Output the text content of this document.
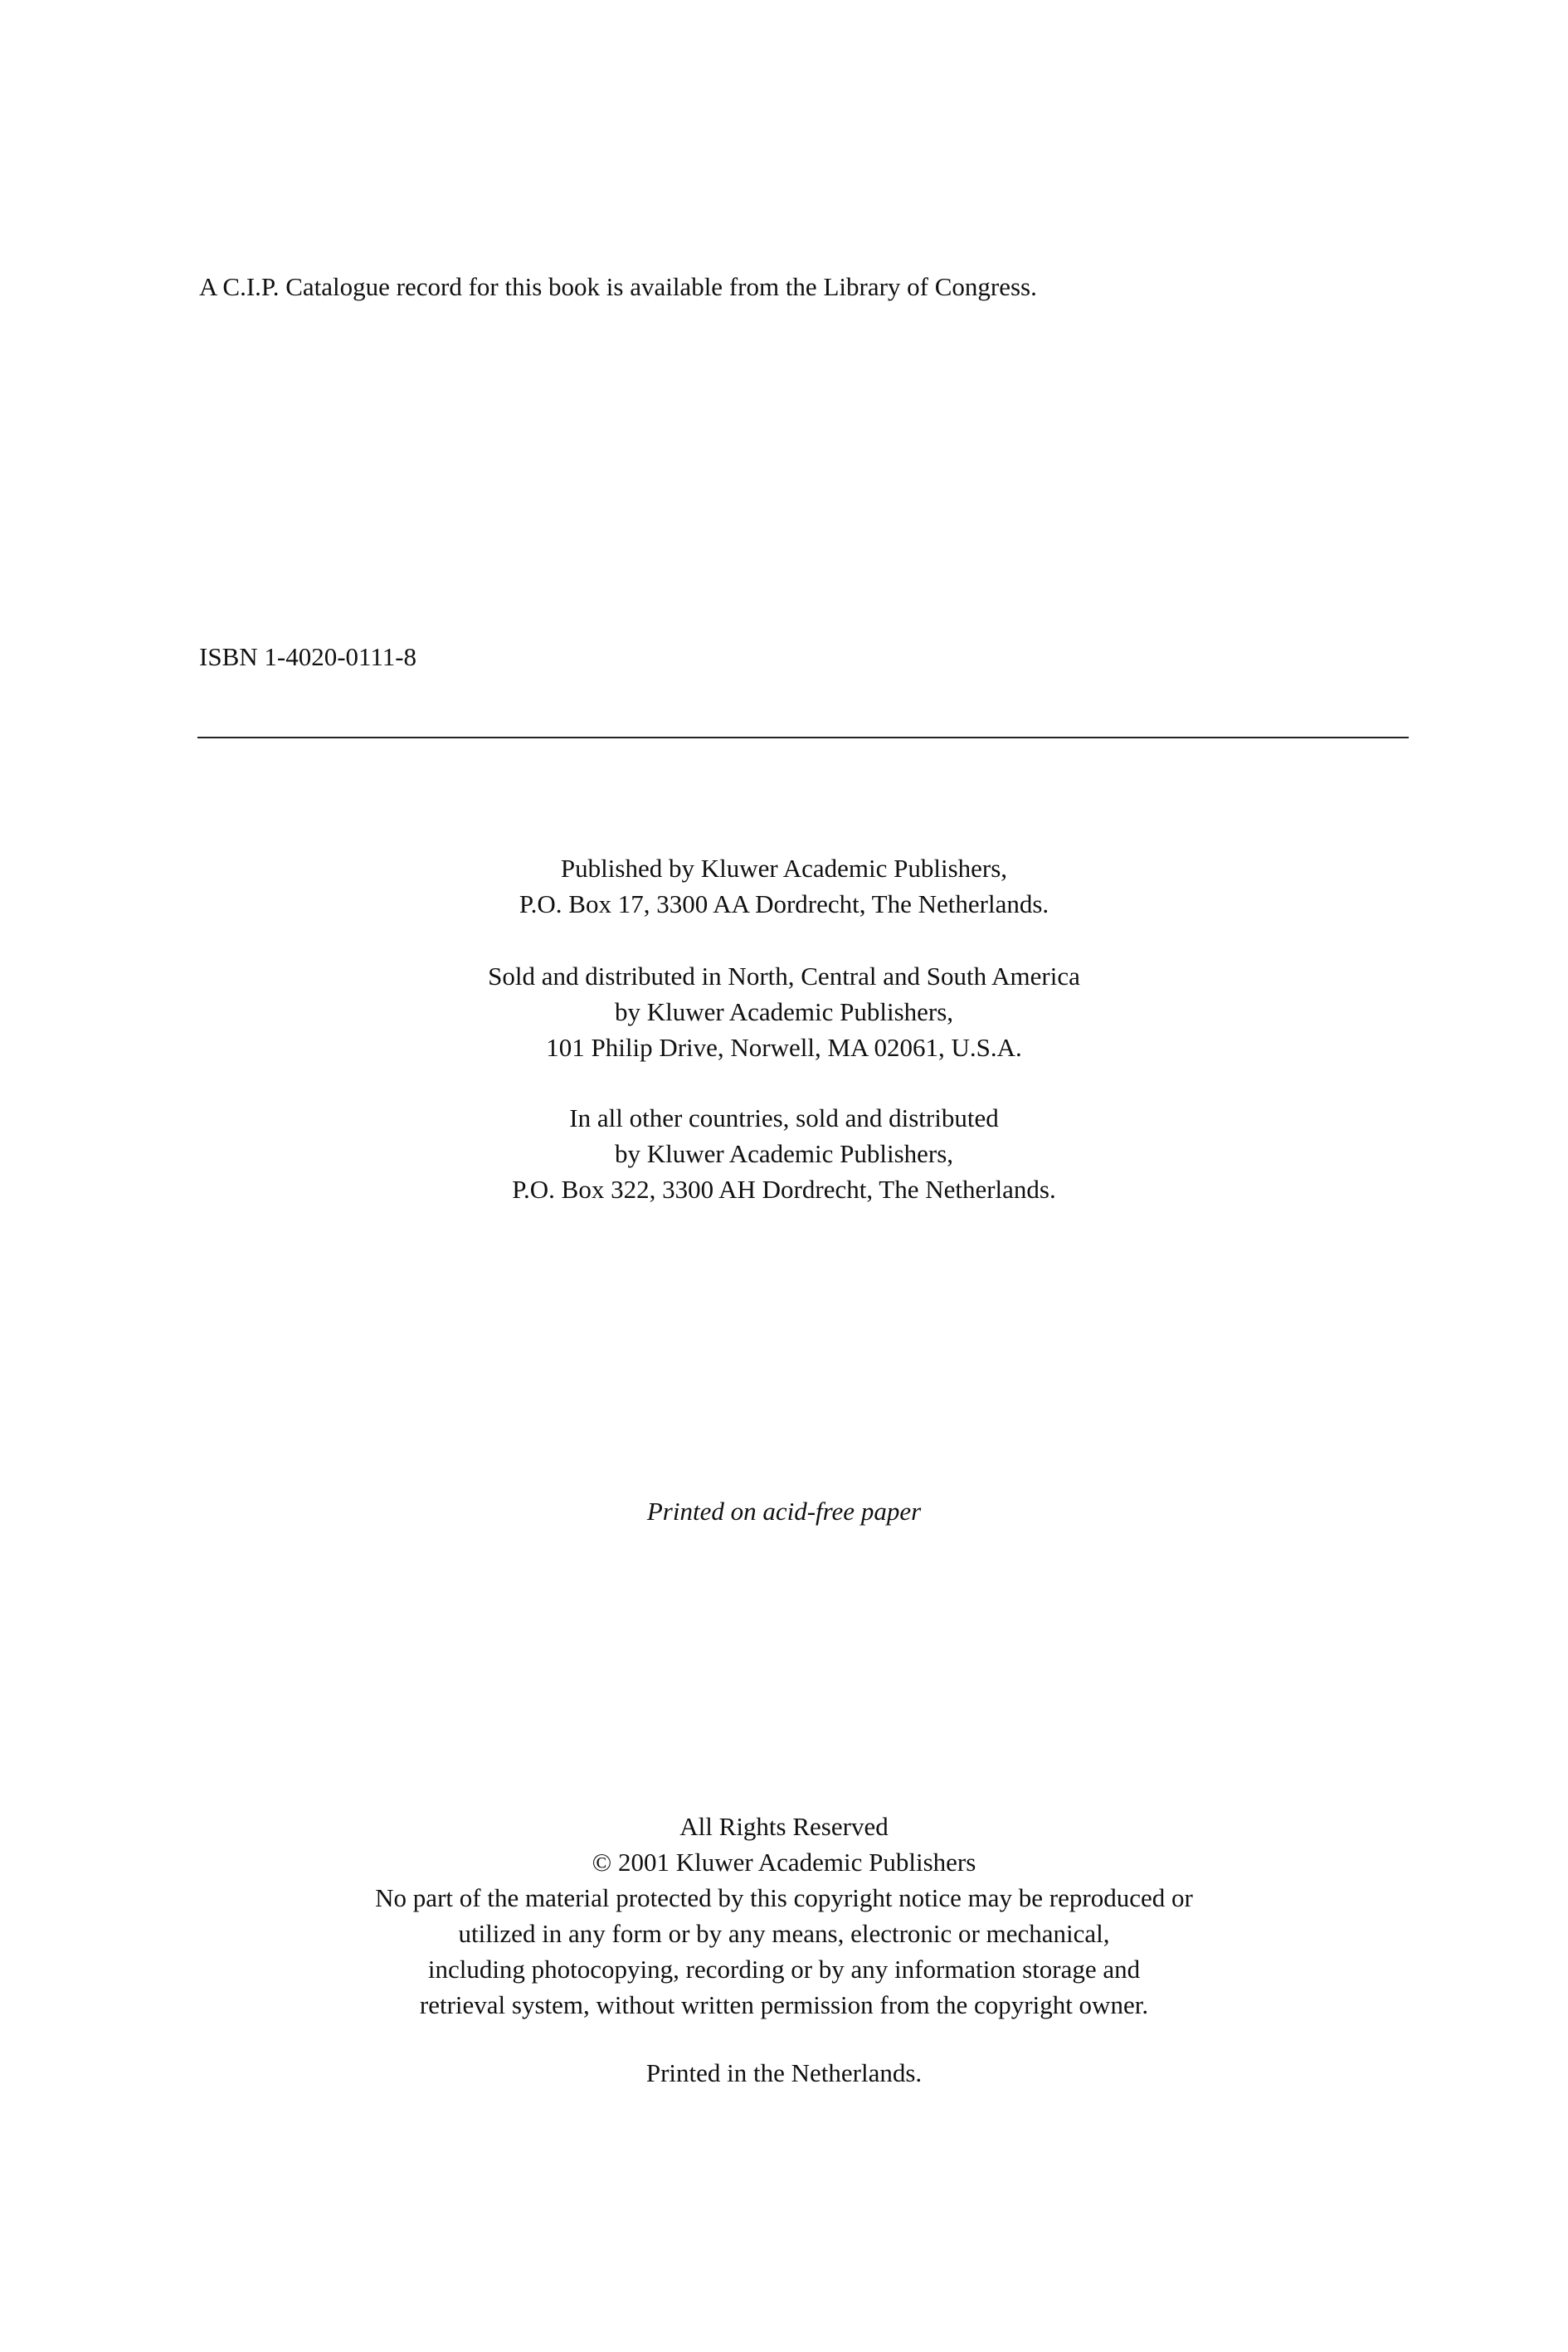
A C.I.P. Catalogue record for this book is available from the Library of Congress.
ISBN 1-4020-0111-8
Published by Kluwer Academic Publishers,
P.O. Box 17, 3300 AA Dordrecht, The Netherlands.
Sold and distributed in North, Central and South America
by Kluwer Academic Publishers,
101 Philip Drive, Norwell, MA 02061, U.S.A.
In all other countries, sold and distributed
by Kluwer Academic Publishers,
P.O. Box 322, 3300 AH Dordrecht, The Netherlands.
Printed on acid-free paper
All Rights Reserved
© 2001 Kluwer Academic Publishers
No part of the material protected by this copyright notice may be reproduced or
utilized in any form or by any means, electronic or mechanical,
including photocopying, recording or by any information storage and
retrieval system, without written permission from the copyright owner.
Printed in the Netherlands.
